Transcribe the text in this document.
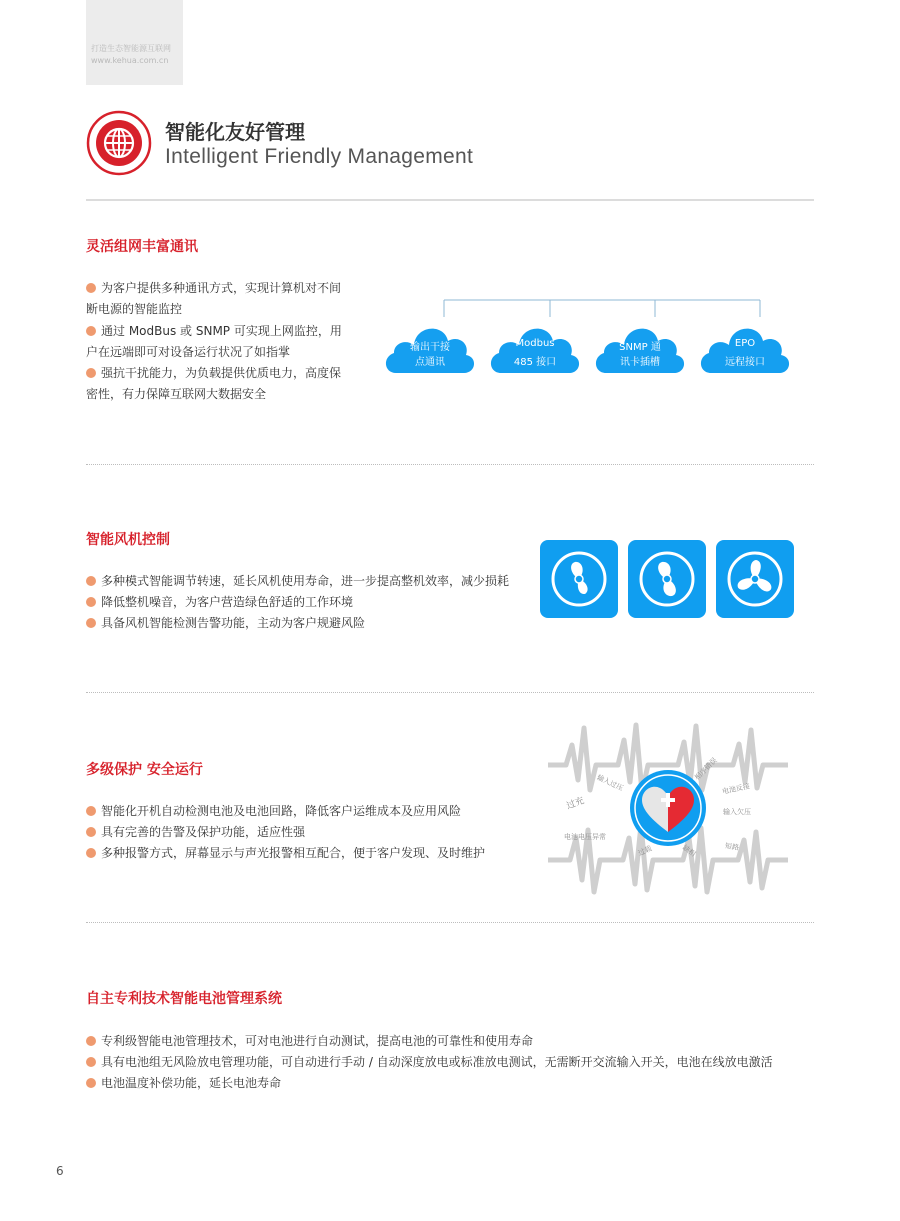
打造生态智能源互联网
www.kehua.com.cn
智能化友好管理
Intelligent Friendly Management
灵活组网丰富通讯
为客户提供多种通讯方式，实现计算机对不间
断电源的智能监控
通过 ModBus 或 SNMP 可实现上网监控，用
户在远端即可对设备运行状况了如指掌
强抗干扰能力，为负载提供优质电力，高度保
密性，有力保障互联网大数据安全
输出干接
点通讯
Modbus
485 接口
SNMP 通
讯卡插槽
EPO
远程接口
智能风机控制
多种模式智能调节转速，延长风机使用寿命，进一步提高整机效率，减少损耗
降低整机噪音，为客户营造绿色舒适的工作环境
具备风机智能检测告警功能，主动为客户规避风险
多级保护 安全运行
智能化开机自动检测电池及电池回路，降低客户运维成本及应用风险
具有完善的告警及保护功能，适应性强
多种报警方式，屏幕显示与声光报警相互配合，便于客户发现、及时维护
过充
输入过压
相序错误
电池反接
输入欠压
电池电压异常
过载	缺相	短路
自主专利技术智能电池管理系统
专利级智能电池管理技术，可对电池进行自动测试，提高电池的可靠性和使用寿命
具有电池组无风险放电管理功能，可自动进行手动 / 自动深度放电或标准放电测试，无需断开交流输入开关，电池在线放电激活
电池温度补偿功能，延长电池寿命
6
